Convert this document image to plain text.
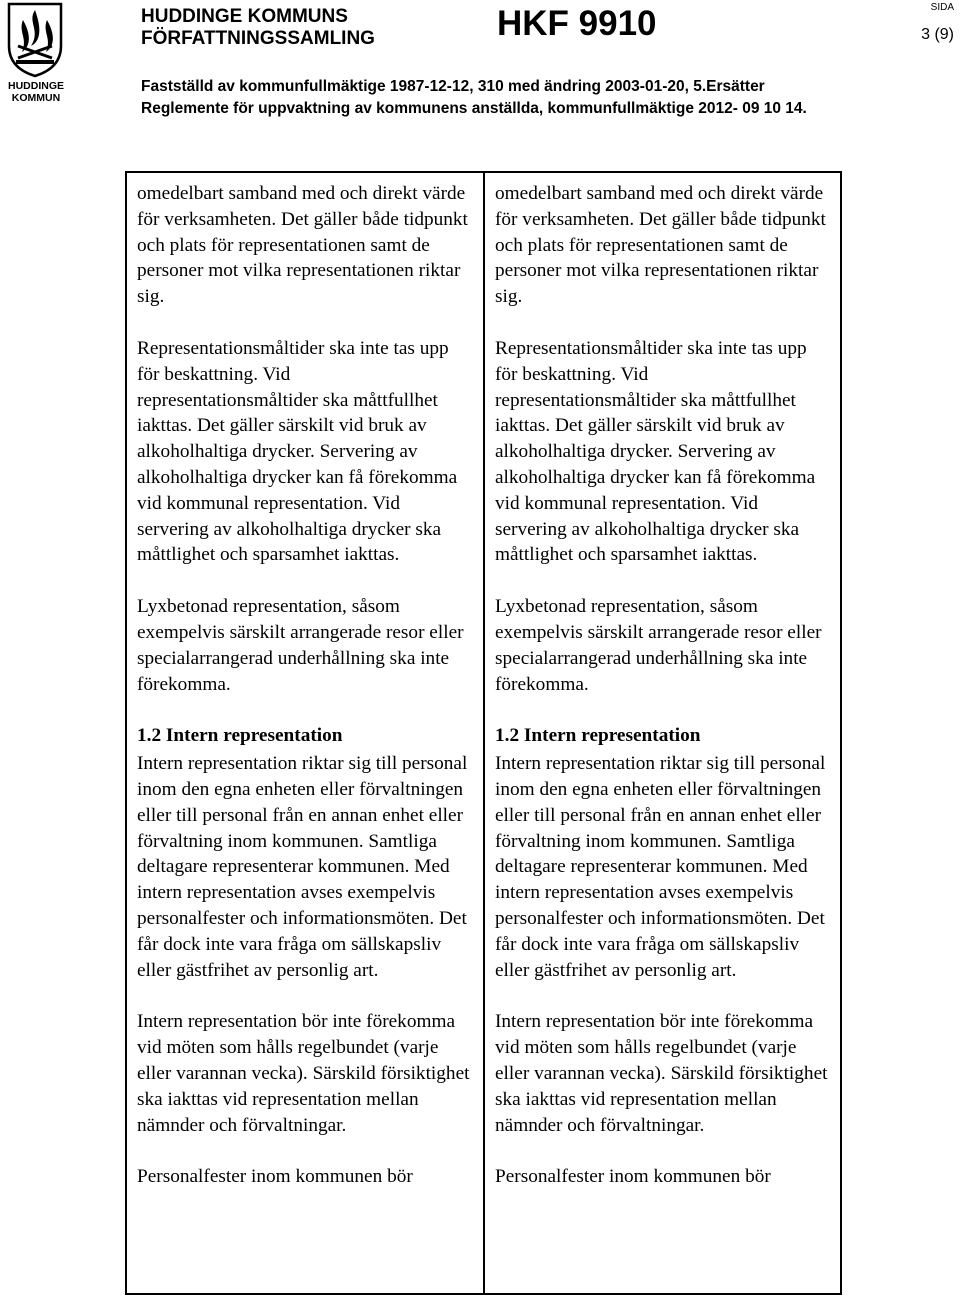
HUDDINGE
KOMMUN
HUDDINGE KOMMUNS
FÖRFATTNINGSSAMLING	HKF 9910	SIDA
3 (9)
Fastställd av kommunfullmäktige 1987-12-12, 310 med ändring 2003-01-20, 5.Ersätter
Reglemente för uppvaktning av kommunens anställda, kommunfullmäktige 2012- 09 10 14.

omedelbart samband med och direkt värde för verksamheten. Det gäller både tidpunkt och plats för representationen samt de personer mot vilka representationen riktar sig.

Representationsmåltider ska inte tas upp för beskattning. Vid representationsmåltider ska måttfullhet iakttas. Det gäller särskilt vid bruk av alkoholhaltiga drycker. Servering av alkoholhaltiga drycker kan få förekomma vid kommunal representation. Vid servering av alkoholhaltiga drycker ska måttlighet och sparsamhet iakttas.

Lyxbetonad representation, såsom exempelvis särskilt arrangerade resor eller specialarrangerad underhållning ska inte förekomma.

1.2 Intern representation

Intern representation riktar sig till personal inom den egna enheten eller förvaltningen eller till personal från en annan enhet eller förvaltning inom kommunen. Samtliga deltagare representerar kommunen. Med intern representation avses exempelvis personalfester och informationsmöten. Det får dock inte vara fråga om sällskapsliv eller gästfrihet av personlig art.

Intern representation bör inte förekomma vid möten som hålls regelbundet (varje eller varannan vecka). Särskild försiktighet ska iakttas vid representation mellan nämnder och förvaltningar.

Personalfester inom kommunen bör

omedelbart samband med och direkt värde för verksamheten. Det gäller både tidpunkt och plats för representationen samt de personer mot vilka representationen riktar sig.

Representationsmåltider ska inte tas upp för beskattning. Vid representationsmåltider ska måttfullhet iakttas. Det gäller särskilt vid bruk av alkoholhaltiga drycker. Servering av alkoholhaltiga drycker kan få förekomma vid kommunal representation. Vid servering av alkoholhaltiga drycker ska måttlighet och sparsamhet iakttas.

Lyxbetonad representation, såsom exempelvis särskilt arrangerade resor eller specialarrangerad underhållning ska inte förekomma.

1.2 Intern representation

Intern representation riktar sig till personal inom den egna enheten eller förvaltningen eller till personal från en annan enhet eller förvaltning inom kommunen. Samtliga deltagare representerar kommunen. Med intern representation avses exempelvis personalfester och informationsmöten. Det får dock inte vara fråga om sällskapsliv eller gästfrihet av personlig art.

Intern representation bör inte förekomma vid möten som hålls regelbundet (varje eller varannan vecka). Särskild försiktighet ska iakttas vid representation mellan nämnder och förvaltningar.

Personalfester inom kommunen bör
